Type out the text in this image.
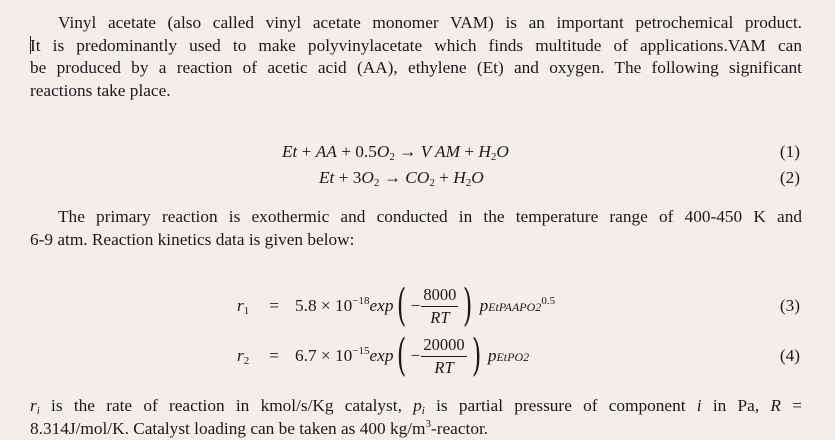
Vinyl acetate (also called vinyl acetate monomer VAM) is an important petrochemical product.
It is predominantly used to make polyvinylacetate which finds multitude of applications.VAM can
be produced by a reaction of acetic acid (AA), ethylene (Et) and oxygen. The following significant
reactions take place.
Et + AA + $0.5O_2 \to V$ AM + $H_2O$	(1)
$Et + 3O_2 \to CO_2 + H_2O$	(2)
The primary reaction is exothermic and conducted in the temperature range of 400-450 K and
6-9 atm. Reaction kinetics data is given below:
$r_1 = 5.8 \times 10^{-18}$ exp ( − $\frac{8000}{RT}$ ) $pEtPAAPO2^{0.5}$	(3)
$r_2 = 6.7 \times 10^{-15}$ exp ( − $\frac{20000}{RT}$ ) pEtPO2	(4)
$r_i$ is the rate of reaction in kmol/s/Kg catalyst, $p_i$ is partial pressure of component i in Pa, R =
8.314J/mol/K. Catalyst loading can be taken as 400 $kg/m^3$-reactor.
